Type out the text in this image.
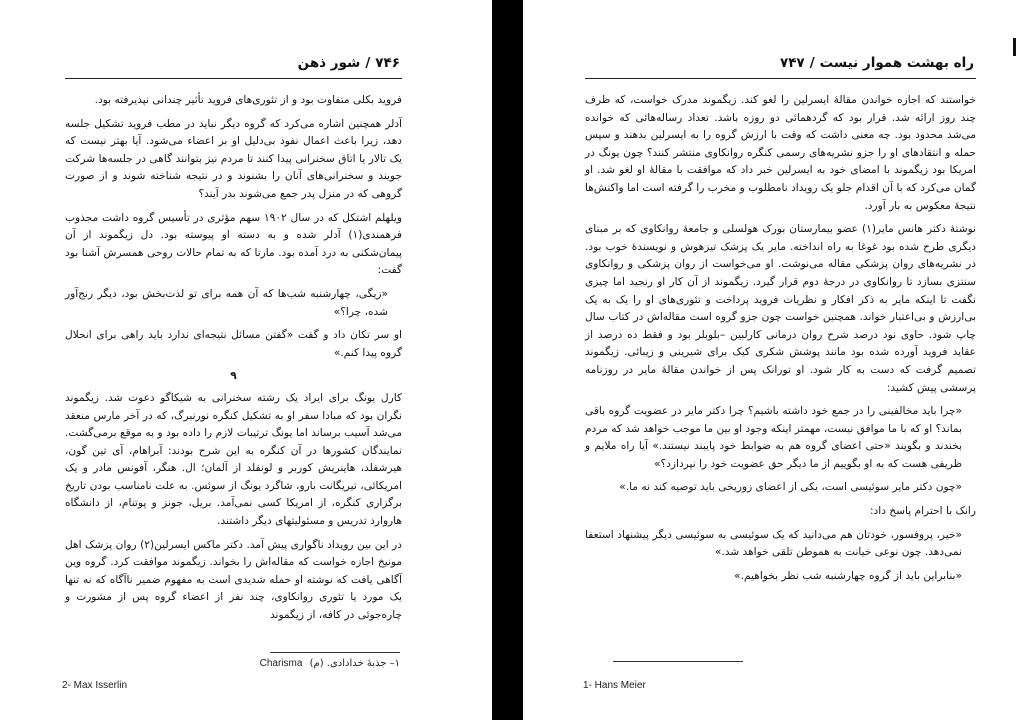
۷۴۶
/
شور ذهن

فروید بکلی متفاوت بود و از تئوری‌های فروید تأثیر چندانی نپذیرفته بود.

آدلر همچنین اشاره می‌کرد که گروه دیگر نباید در مطب فروید تشکیل جلسه دهد، زیرا باعث اعمال نفوذ بی‌دلیل او بر اعضاء می‌شود. آیا بهتر نیست که یک تالار یا اتاق سخنرانی پیدا کنند تا مردم نیز بتوانند گاهی در جلسه‌ها شرکت جویند و سخنرانی‌های آنان را بشنوند و در نتیجه شناخته شوند و از صورت گروهی که در منزل پدر جمع می‌شوند بدر آیند؟

ویلهلم اشتکل که در سال ۱۹۰۲ سهم مؤثری در تأسیس گروه داشت مجذوب فرهمندی(۱) آدلر شده و به دسته او پیوسته بود. دل زیگموند از آن پیمان‌شکنی به درد آمده بود. مارتا که به تمام حالات روحی همسرش آشنا بود گفت:

«زیگی، چهارشنبه شب‌ها که آن همه برای تو لذت‌بخش بود، دیگر رنج‌آور شده، چرا؟»

او سر تکان داد و گفت «گفتن مسائل نتیجه‌ای ندارد باید راهی برای انحلال گروه پیدا کنم.»

۹

کارل یونگ برای ایراد یک رشته سخنرانی به شیکاگو دعوت شد. زیگموند نگران بود که مبادا سفر او به تشکیل کنگره نورنبرگ، که در آخر مارس منعقد می‌شد آسیب برساند اما یونگ ترتیبات لازم را داده بود و به موقع برمی‌گشت. نمایندگان کشورها در آن کنگره به این شرح بودند: آبراهام، آی تین گون، هیرشفلد، هاینریش کوربر و لونفلد از آلمان؛ ال. هنگر، آفونس مادر و یک امریکائی، تیریگانت بارو، شاگرد یونگ از سوئس. به علت نامناسب بودن تاریخ برگزاری کنگره، از امریکا کسی نمی‌آمد. بریل، جونز و پوتنام، از دانشگاه هاروارد تدریس و مسئولیتهای دیگر داشتند.

در این بین رویداد ناگواری پیش آمد. دکتر ماکس ایسرلین(۲) روان پزشک اهل مونیخ اجازه خواست که مقاله‌اش را بخواند. زیگموند موافقت کرد. گروه وین آگاهی یافت که نوشته او حمله شدیدی است به مفهوم ضمیر ناآگاه که نه تنها یک مورد یا تئوری روانکاوی، چند نفر از اعضاء گروه پس از مشورت و چاره‌جوئی در کافه، از زیگموند

۱– جذبهٔ خدادادی. (م) Charisma
2- Max Isserlin
راه بهشت هموار نیست
/
۷۴۷

خواستند که اجازه خواندن مقالهٔ ایسرلین را لغو کند. زیگموند مدرک خواست، که ظرف چند روز ارائه شد. قرار بود که گردهمائی دو روزه باشد. تعداد رساله‌هائی که خوانده می‌شد محدود بود. چه معنی داشت که وقت با ارزش گروه را به ایسرلین بدهند و سپس حمله و انتقادهای او را جزو نشریه‌های رسمی کنگره روانکاوی منتشر کنند؟ چون یونگ در امریکا بود زیگموند با امضای خود به ایسرلین خبر داد که موافقت با مقالهٔ او لغو شد. او گمان می‌کرد که با آن اقدام جلو یک رویداد نامطلوب و مخرب را گرفته است اما واکنش‌ها نتیجهٔ معکوس به بار آورد.

نوشتهٔ دکتر هانس مایر(۱) عضو بیمارستان بورک هولسلی و جامعهٔ روانکاوی که بر مبنای دیگری طرح شده بود غوغا به راه انداخته. مایر یک پزشک تیزهوش و نویسندهٔ خوب بود. در نشریه‌های روان پزشکی مقاله می‌نوشت. او می‌خواست از روان پزشکی و روانکاوی سنتزی بسازد تا روانکاوی در درجهٔ دوم قرار گیرد. زیگموند از آن کار او رنجید اما چیزی نگفت تا اینکه مایر به ذکر افکار و نظریات فروید پرداخت و تئوری‌های او را یک به یک بی‌ارزش و بی‌اعتبار خواند. همچنین خواست چون جزو گروه است مقاله‌اش در کتاب سال چاپ شود. حاوی نود درصد شرح روان درمانی کارلبین –بلوبلر بود و فقط ده درصد از عقاید فروید آورده شده بود مانند پوشش شکری کیک برای شیرینی و زیبائی. زیگموند تصمیم گرفت که دست به کار شود. او تورانک پس از خواندن مقالهٔ مایر در روزنامه پرسشی پیش کشید:

«چرا باید مخالفینی را در جمع خود داشته باشیم؟ چرا دکتر مایر در عضویت گروه باقی بماند؟ او که با ما موافق نیست، مهمتر اینکه وجود او بین ما موجب خواهد شد که مردم بخندند و بگویند «حتی اعضای گروه هم به ضوابط خود پایبند نیستند.» آیا راه ملایم و ظریفی هست که به او بگوییم از ما دیگر حق عضویت خود را نپردازد؟»

«چون دکتر مایر سوئیسی است، یکی از اعضای زوریخی باید توصیه کند نه ما.»

رانک با احترام پاسخ داد:

«خیر، پروفسور، خودتان هم می‌دانید که یک سوئیسی به سوئیسی دیگر پیشنهاد استعفا نمی‌دهد. چون نوعی خیانت به هموطن تلقی خواهد شد.»

«بنابراین باید از گروه چهارشنبه شب نظر بخواهیم.»

1- Hans Meier
